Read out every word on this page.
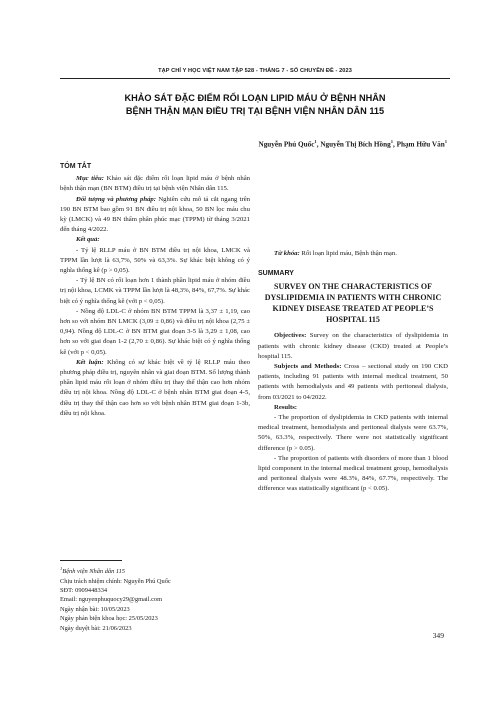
TẠP CHÍ Y HỌC VIỆT NAM TẬP 528 - THÁNG 7 - SỐ CHUYÊN ĐỀ - 2023
KHẢO SÁT ĐẶC ĐIỂM RỐI LOẠN LIPID MÁU Ở BỆNH NHÂN
BỆNH THẬN MẠN ĐIỀU TRỊ TẠI BỆNH VIỆN NHÂN DÂN 115
Nguyễn Phú Quốc$^1$, Nguyễn Thị Bích Hồng$^1$, Phạm Hữu Văn$^1$

TÓM TẮT

Mục tiêu: Khảo sát đặc điểm rối loạn lipid máu ở bệnh nhân bệnh thận mạn (BN BTM) điều trị tại bệnh viện Nhân dân 115.

Đối tượng và phương pháp: Nghiên cứu mô tả cắt ngang trên 190 BN BTM bao gồm 91 BN điều trị nội khoa, 50 BN lọc máu chu kỳ (LMCK) và 49 BN thẩm phân phúc mạc (TPPM) từ tháng 3/2021 đến tháng 4/2022.

Kết quả:

- Tỷ lệ RLLP máu ở BN BTM điều trị nội khoa, LMCK và TPPM lần lượt là 63,7%, 50% và 63,3%. Sự khác biệt không có ý nghĩa thống kê (p > 0,05).

- Tỷ lệ BN có rối loạn hơn 1 thành phần lipid máu ở nhóm điều trị nội khoa, LCMK và TPPM lần lượt là 48,3%, 84%, 67,7%. Sự khác biệt có ý nghĩa thống kê (với p < 0,05).

- Nồng độ LDL-C ở nhóm BN BTM TPPM là 3,37 ± 1,19, cao hơn so với nhóm BN LMCK (3,09 ± 0,86) và điều trị nội khoa (2,75 ± 0,94). Nồng độ LDL-C ở BN BTM giai đoạn 3-5 là 3,29 ± 1,08, cao hơn so với giai đoạn 1-2 (2,70 ± 0,86). Sự khác biệt có ý nghĩa thống kê (với p < 0,05).

Kết luận: Không có sự khác biệt về tỷ lệ RLLP máu theo phương pháp điều trị, nguyên nhân và giai đoạn BTM. Số lượng thành phần lipid máu rối loạn ở nhóm điều trị thay thế thận cao hơn nhóm điều trị nội khoa. Nồng độ LDL-C ở bệnh nhân BTM giai đoạn 4-5, điều trị thay thế thận cao hơn so với bệnh nhân BTM giai đoạn 1-3b, điều trị nội khoa.

Từ khóa: Rối loạn lipid máu, Bệnh thận mạn.

SUMMARY

SURVEY ON THE CHARACTERISTICS OF DYSLIPIDEMIA IN PATIENTS WITH CHRONIC KIDNEY DISEASE TREATED AT PEOPLE’S HOSPITAL 115

Objectives: Survey on the characteristics of dyslipidemia in patients with chronic kidney disease (CKD) treated at People’s hospital 115.

Subjects and Methods: Cross – sectional study on 190 CKD patients, including 91 patients with internal medical treatment, 50 patients with hemodialysis and 49 patients with peritoneal dialysis, from 03/2021 to 04/2022.

Results:

- The proportion of dyslipidemia in CKD patients with internal medical treatment, hemodialysis and peritoneal dialysis were 63.7%, 50%, 63.3%, respectively. There were not statistically significant difference (p > 0.05).

- The proportion of patients with disorders of more than 1 blood lipid component in the internal medical treatment group, hemodialysis and peritoneal dialysis were 48.3%, 84%, 67.7%, respectively. The difference was statistically significant (p < 0.05).

$^1$Bệnh viện Nhân dân 115
Chịu trách nhiệm chính: Nguyễn Phú Quốc
SĐT: 0909448334
Email: nguyenphuquocy29@gmail.com
Ngày nhận bài: 10/05/2023
Ngày phản biện khoa học: 25/05/2023
Ngày duyệt bài: 21/06/2023
349
